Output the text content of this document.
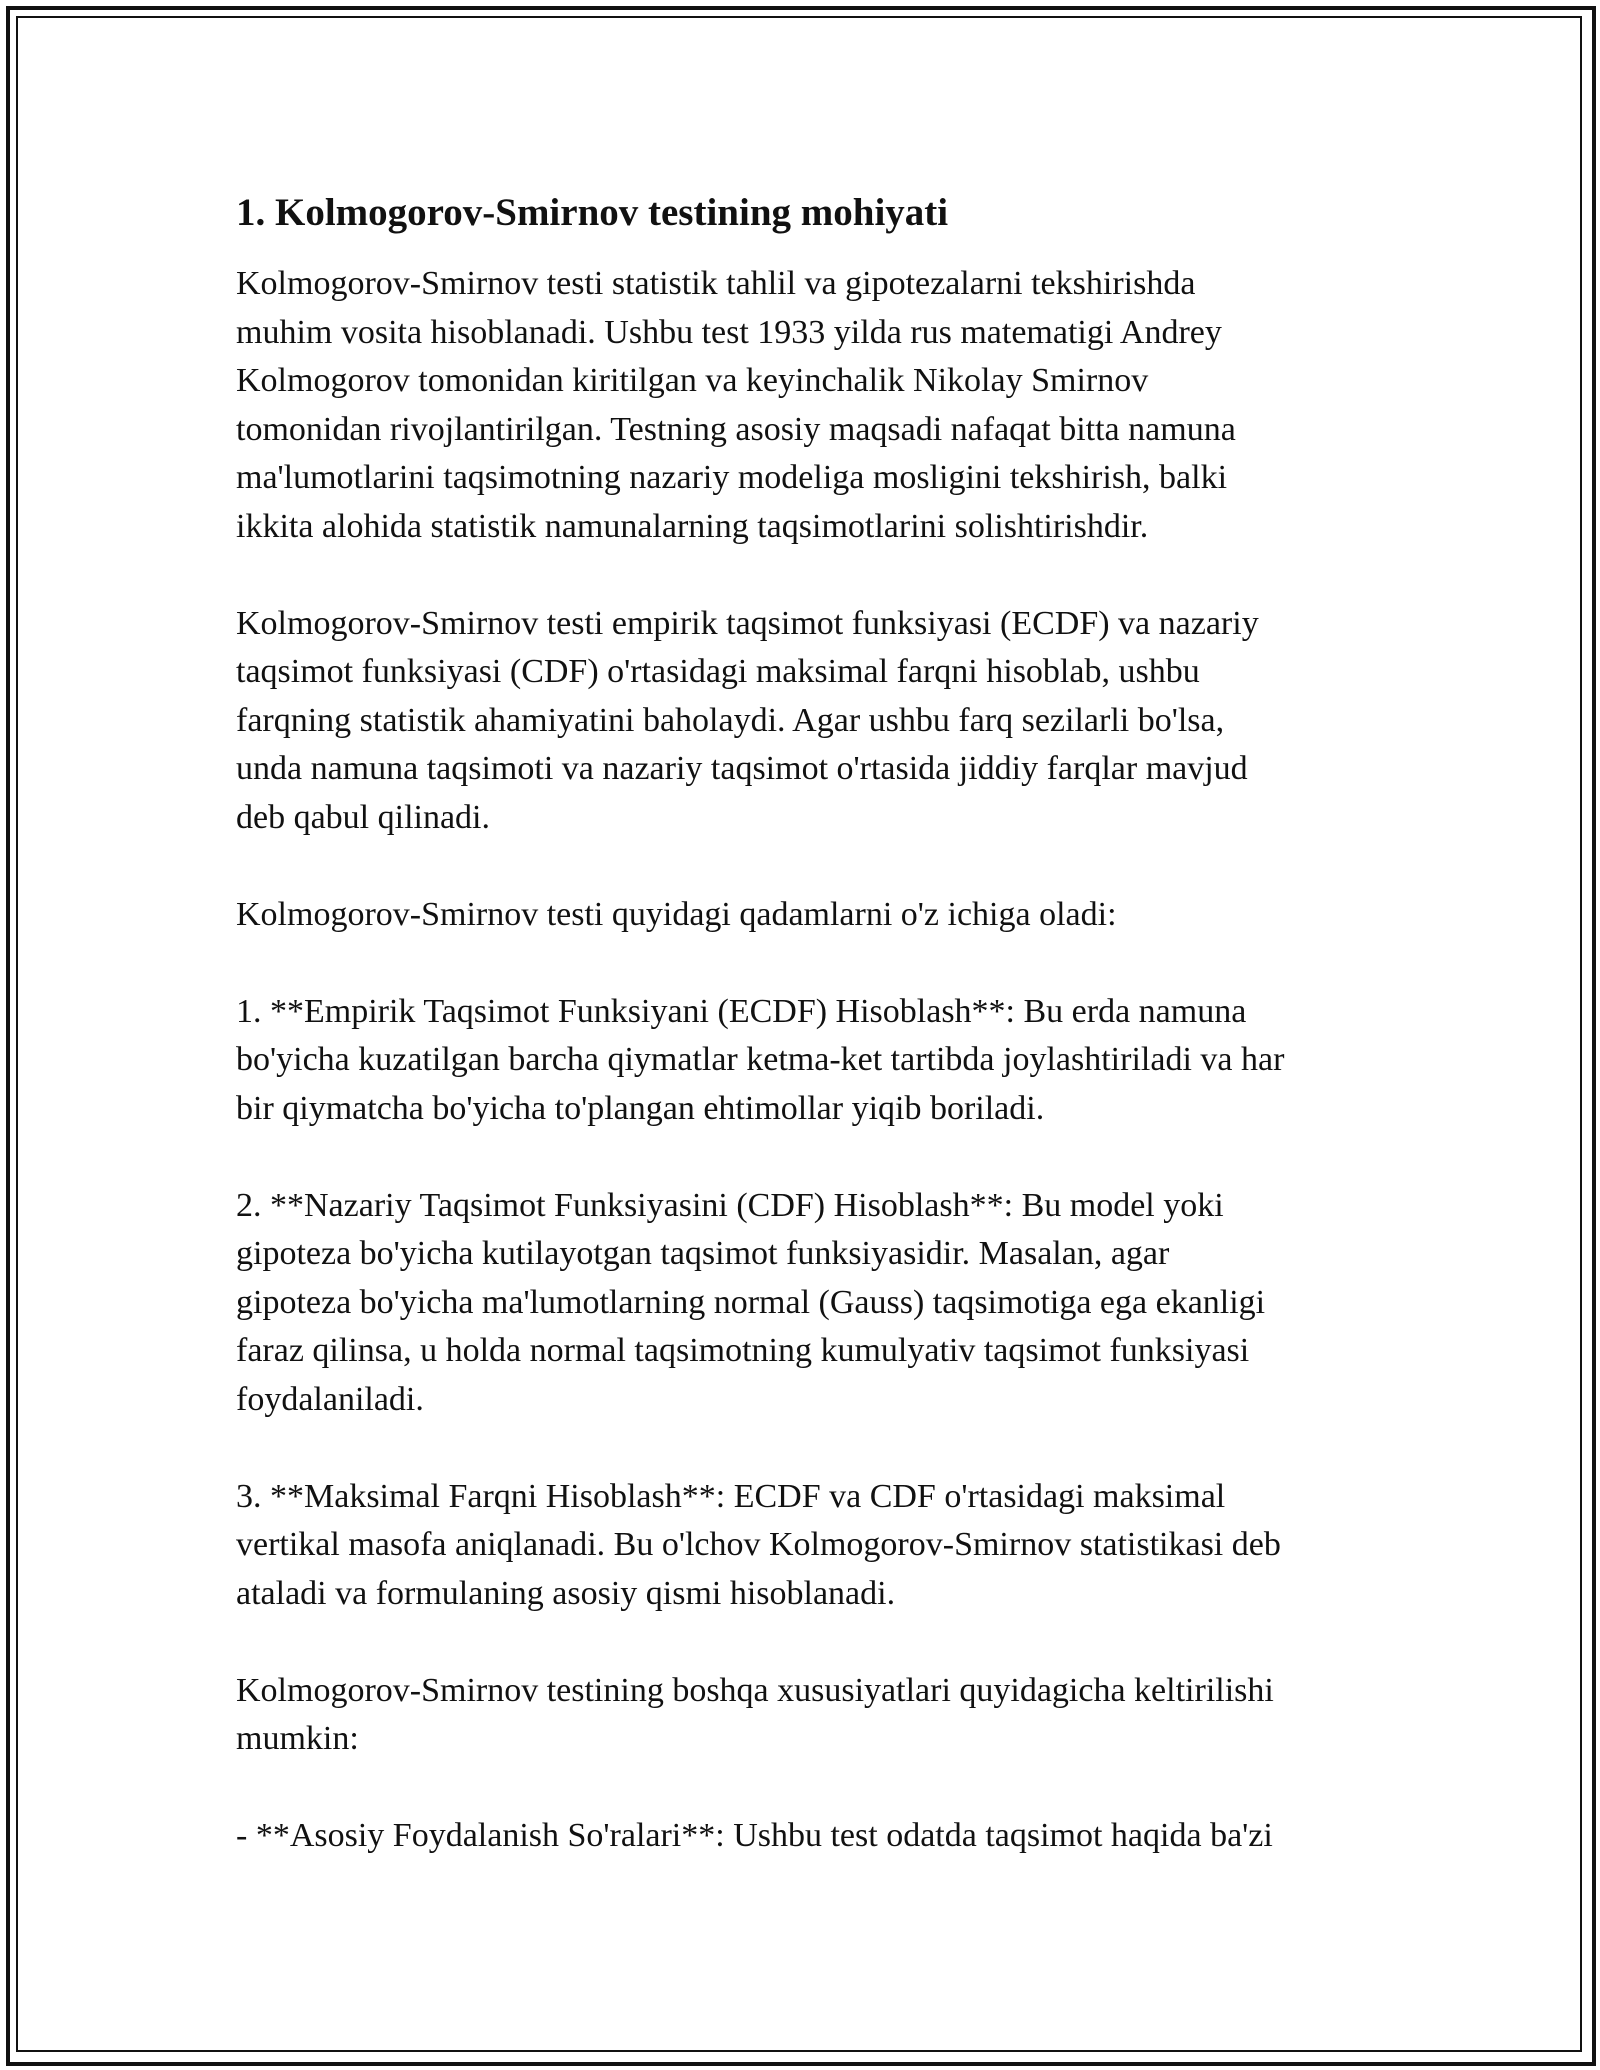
1. Kolmogorov-Smirnov testining mohiyati

Kolmogorov-Smirnov testi statistik tahlil va gipotezalarni tekshirishda
muhim vosita hisoblanadi. Ushbu test 1933 yilda rus matematigi Andrey
Kolmogorov tomonidan kiritilgan va keyinchalik Nikolay Smirnov
tomonidan rivojlantirilgan. Testning asosiy maqsadi nafaqat bitta namuna
ma'lumotlarini taqsimotning nazariy modeliga mosligini tekshirish, balki
ikkita alohida statistik namunalarning taqsimotlarini solishtirishdir.

Kolmogorov-Smirnov testi empirik taqsimot funksiyasi (ECDF) va nazariy
taqsimot funksiyasi (CDF) o'rtasidagi maksimal farqni hisoblab, ushbu
farqning statistik ahamiyatini baholaydi. Agar ushbu farq sezilarli bo'lsa,
unda namuna taqsimoti va nazariy taqsimot o'rtasida jiddiy farqlar mavjud
deb qabul qilinadi.

Kolmogorov-Smirnov testi quyidagi qadamlarni o'z ichiga oladi:

1. **Empirik Taqsimot Funksiyani (ECDF) Hisoblash**: Bu erda namuna
bo'yicha kuzatilgan barcha qiymatlar ketma-ket tartibda joylashtiriladi va har
bir qiymatcha bo'yicha to'plangan ehtimollar yiqib boriladi.

2. **Nazariy Taqsimot Funksiyasini (CDF) Hisoblash**: Bu model yoki
gipoteza bo'yicha kutilayotgan taqsimot funksiyasidir. Masalan, agar
gipoteza bo'yicha ma'lumotlarning normal (Gauss) taqsimotiga ega ekanligi
faraz qilinsa, u holda normal taqsimotning kumulyativ taqsimot funksiyasi
foydalaniladi.

3. **Maksimal Farqni Hisoblash**: ECDF va CDF o'rtasidagi maksimal
vertikal masofa aniqlanadi. Bu o'lchov Kolmogorov-Smirnov statistikasi deb
ataladi va formulaning asosiy qismi hisoblanadi.

Kolmogorov-Smirnov testining boshqa xususiyatlari quyidagicha keltirilishi
mumkin:

- **Asosiy Foydalanish So'ralari**: Ushbu test odatda taqsimot haqida ba'zi
